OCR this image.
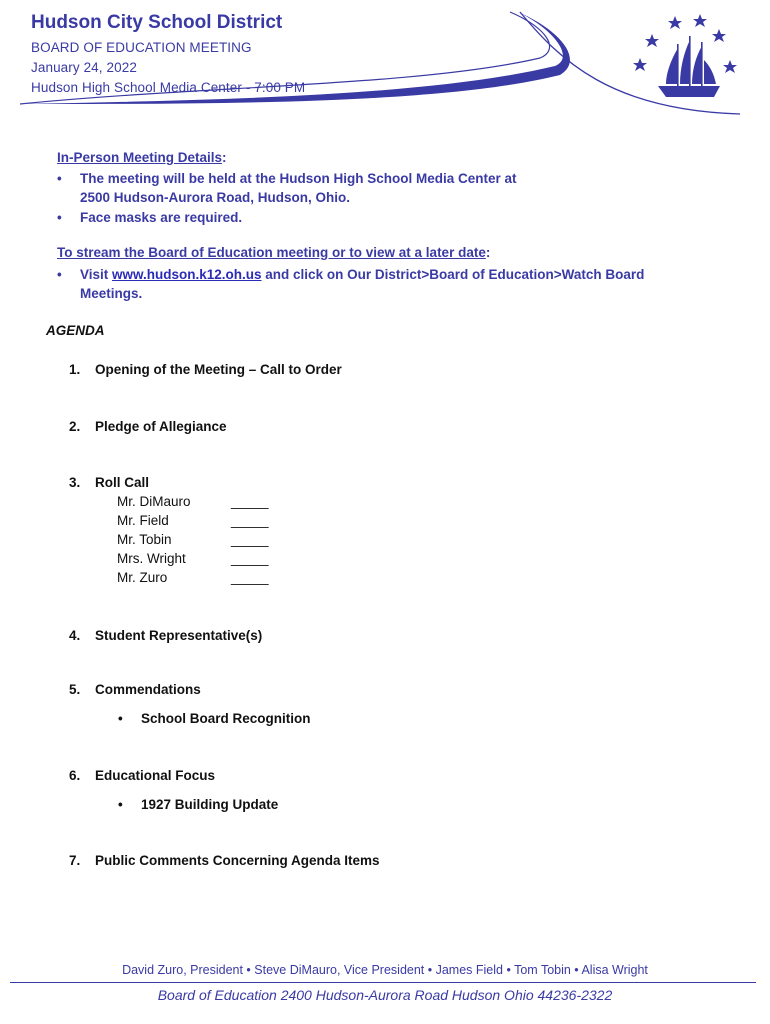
Hudson City School District
BOARD OF EDUCATION MEETING
January 24, 2022
Hudson High School Media Center - 7:00 PM
In-Person Meeting Details:
• The meeting will be held at the Hudson High School Media Center at
2500 Hudson-Aurora Road, Hudson, Ohio.
• Face masks are required.
To stream the Board of Education meeting or to view at a later date:
• Visit www.hudson.k12.oh.us and click on Our District>Board of Education>Watch Board
Meetings.
AGENDA
1. Opening of the Meeting – Call to Order
2. Pledge of Allegiance
3. Roll Call
Mr. DiMauro	_____
Mr. Field	_____
Mr. Tobin	_____
Mrs. Wright	_____
Mr. Zuro	_____
4. Student Representative(s)
5. Commendations
• School Board Recognition
6. Educational Focus
• 1927 Building Update
7. Public Comments Concerning Agenda Items
David Zuro, President • Steve DiMauro, Vice President • James Field • Tom Tobin • Alisa Wright
Board of Education 2400 Hudson-Aurora Road Hudson Ohio 44236-2322
